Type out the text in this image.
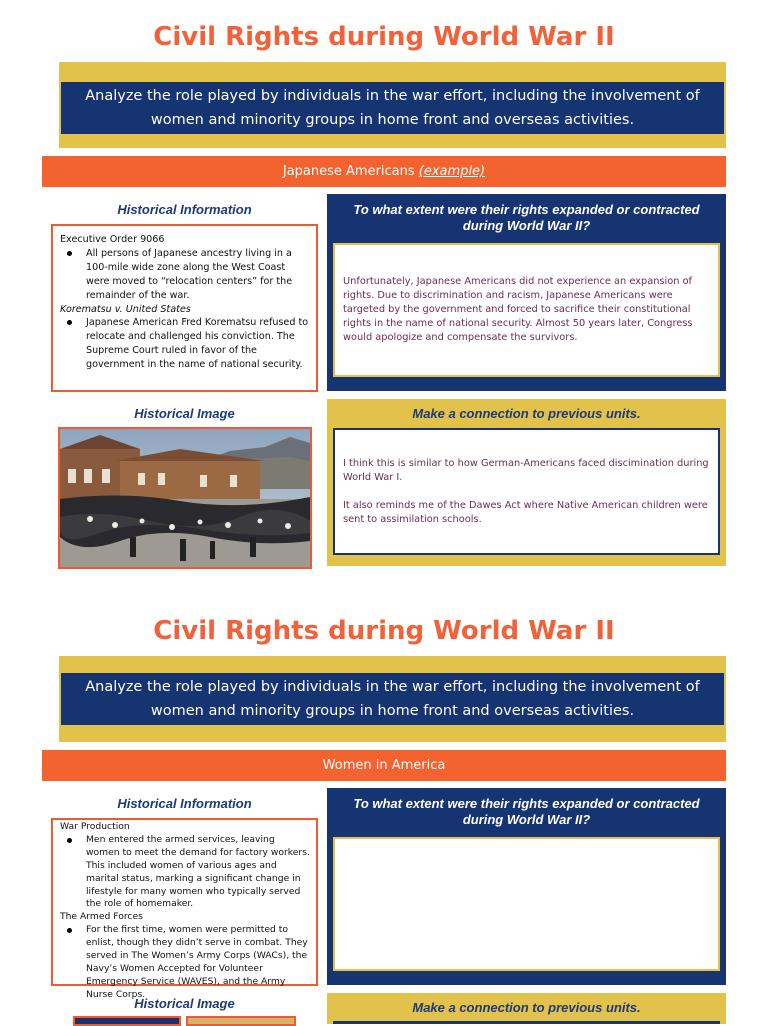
Civil Rights during World War II
Analyze the role played by individuals in the war effort, including the involvement of
women and minority groups in home front and overseas activities.
Japanese Americans (example)
Historical Information

Executive Order 9066

All persons of Japanese ancestry living in a 100-mile wide zone along the West Coast were moved to “relocation centers” for the remainder of the war.

Korematsu v. United States

Japanese American Fred Korematsu refused to relocate and challenged his conviction. The Supreme Court ruled in favor of the government in the name of national security.
To what extent were their rights expanded or contracted
during World War II?
Unfortunately, Japanese Americans did not experience an expansion of rights. Due to discrimination and racism, Japanese Americans were targeted by the government and forced to sacrifice their constitutional rights in the name of national security. Almost 50 years later, Congress would apologize and compensate the survivors.
Historical Image	Make a connection to previous units.

I think this is similar to how German-Americans faced discimination during World War I.

It also reminds me of the Dawes Act where Native American children were sent to assimilation schools.

Civil Rights during World War II
Analyze the role played by individuals in the war effort, including the involvement of
women and minority groups in home front and overseas activities.
Women in America
Historical Information

War Production

Men entered the armed services, leaving women to meet the demand for factory workers. This included women of various ages and marital status, marking a significant change in lifestyle for many women who typically served the role of homemaker.

The Armed Forces

For the first time, women were permitted to enlist, though they didn’t serve in combat. They served in The Women’s Army Corps (WACs), the Navy’s Women Accepted for Volunteer Emergency Service (WAVES), and the Army Nurse Corps.
To what extent were their rights expanded or contracted
during World War II?
Historical Image	Make a connection to previous units.
